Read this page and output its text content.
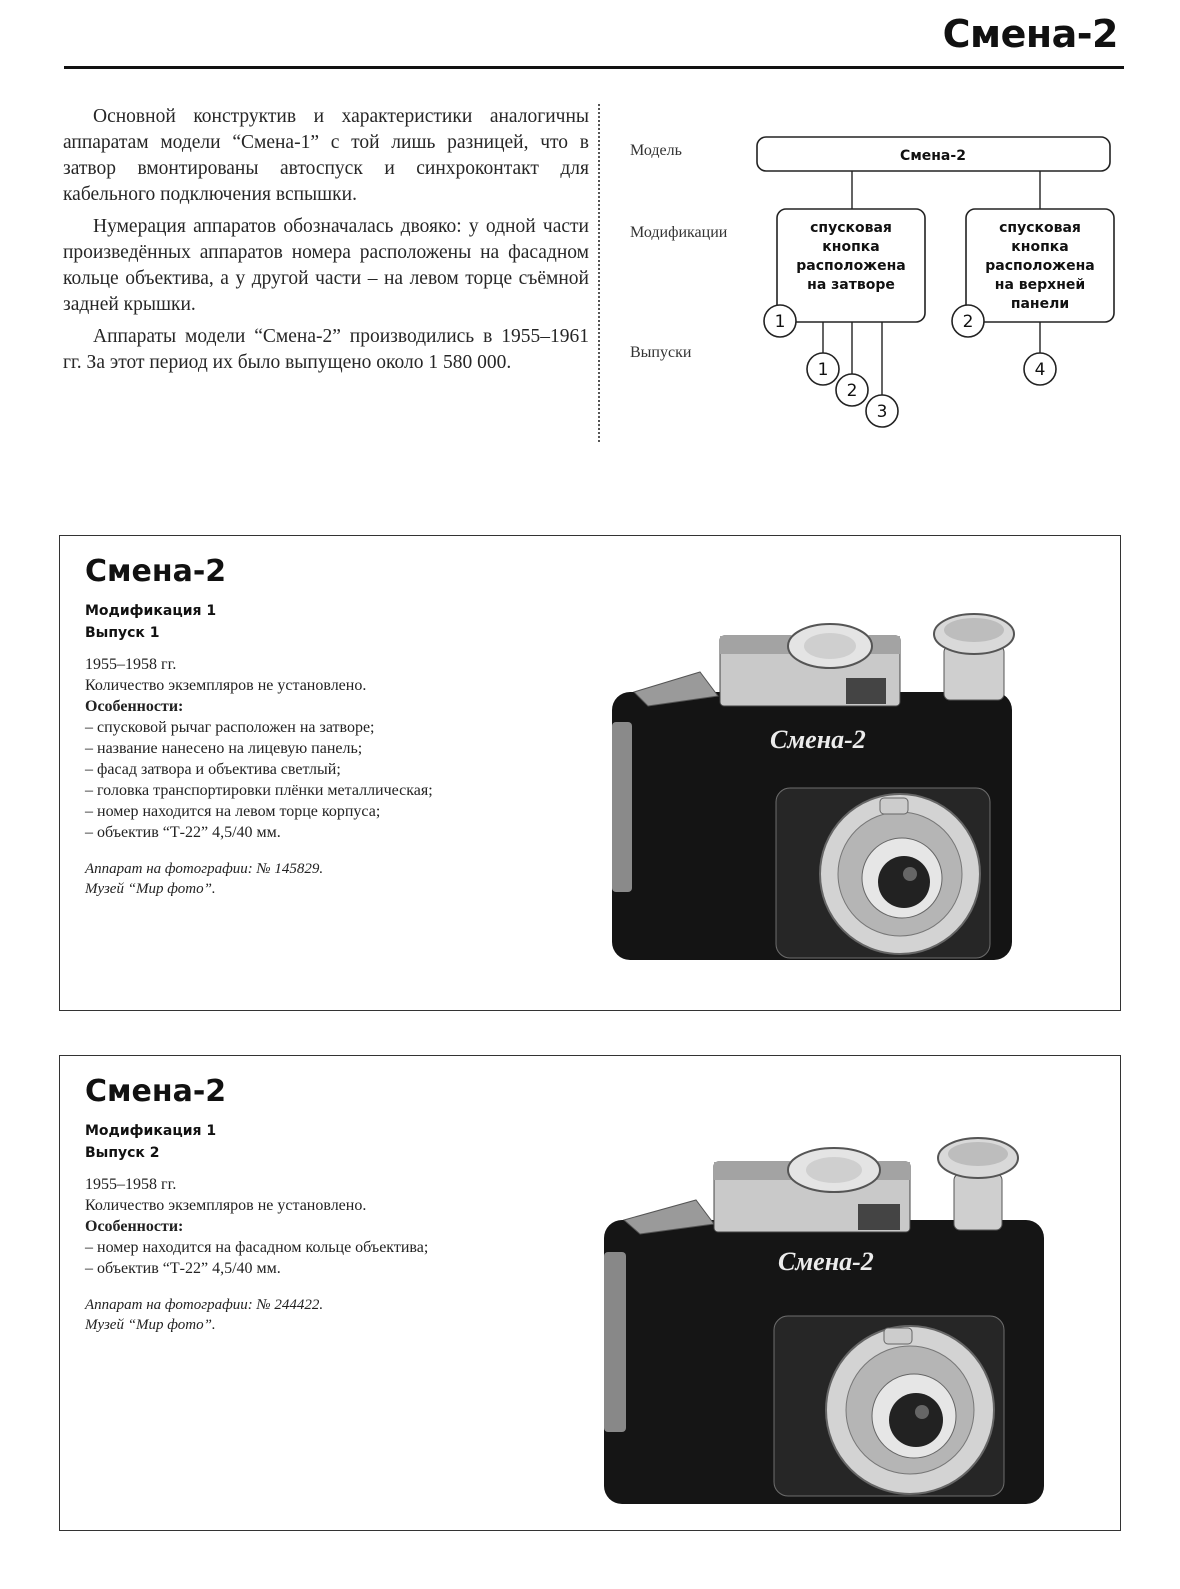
Смена-2

Основной конструктив и характеристики аналогичны аппаратам модели “Смена-1” с той лишь разницей, что в затвор вмонтированы автоспуск и синхроконтакт для кабельного подключения вспышки.

Нумерация аппаратов обозначалась двояко: у одной части произведённых аппаратов номера расположены на фасадном кольце объектива, а у другой части – на левом торце съёмной задней крышки.

Аппараты модели “Смена-2” производились в 1955–1961 гг. За этот период их было выпущено около 1 580 000.

Модель
Модификации
Выпуски
Смена-2
спусковая
кнопка
расположена
на затворе
спусковая
кнопка
расположена
на верхней
панели
1	2
1
2
3
4
Смена-2
Модификация 1
Выпуск 1
1955–1958 гг.
Количество экземпляров не установлено.
Особенности:
– спусковой рычаг расположен на затворе;
– название нанесено на лицевую панель;
– фасад затвора и объектива светлый;
– головка транспортировки плёнки металлическая;
– номер находится на левом торце корпуса;
– объектив “Т-22” 4,5/40 мм.
Аппарат на фотографии: № 145829.
Музей “Мир фото”.
Смена-2
Смена-2
Модификация 1
Выпуск 2
1955–1958 гг.
Количество экземпляров не установлено.
Особенности:
– номер находится на фасадном кольце объектива;
– объектив “Т-22” 4,5/40 мм.
Аппарат на фотографии: № 244422.
Музей “Мир фото”.
Смена-2
